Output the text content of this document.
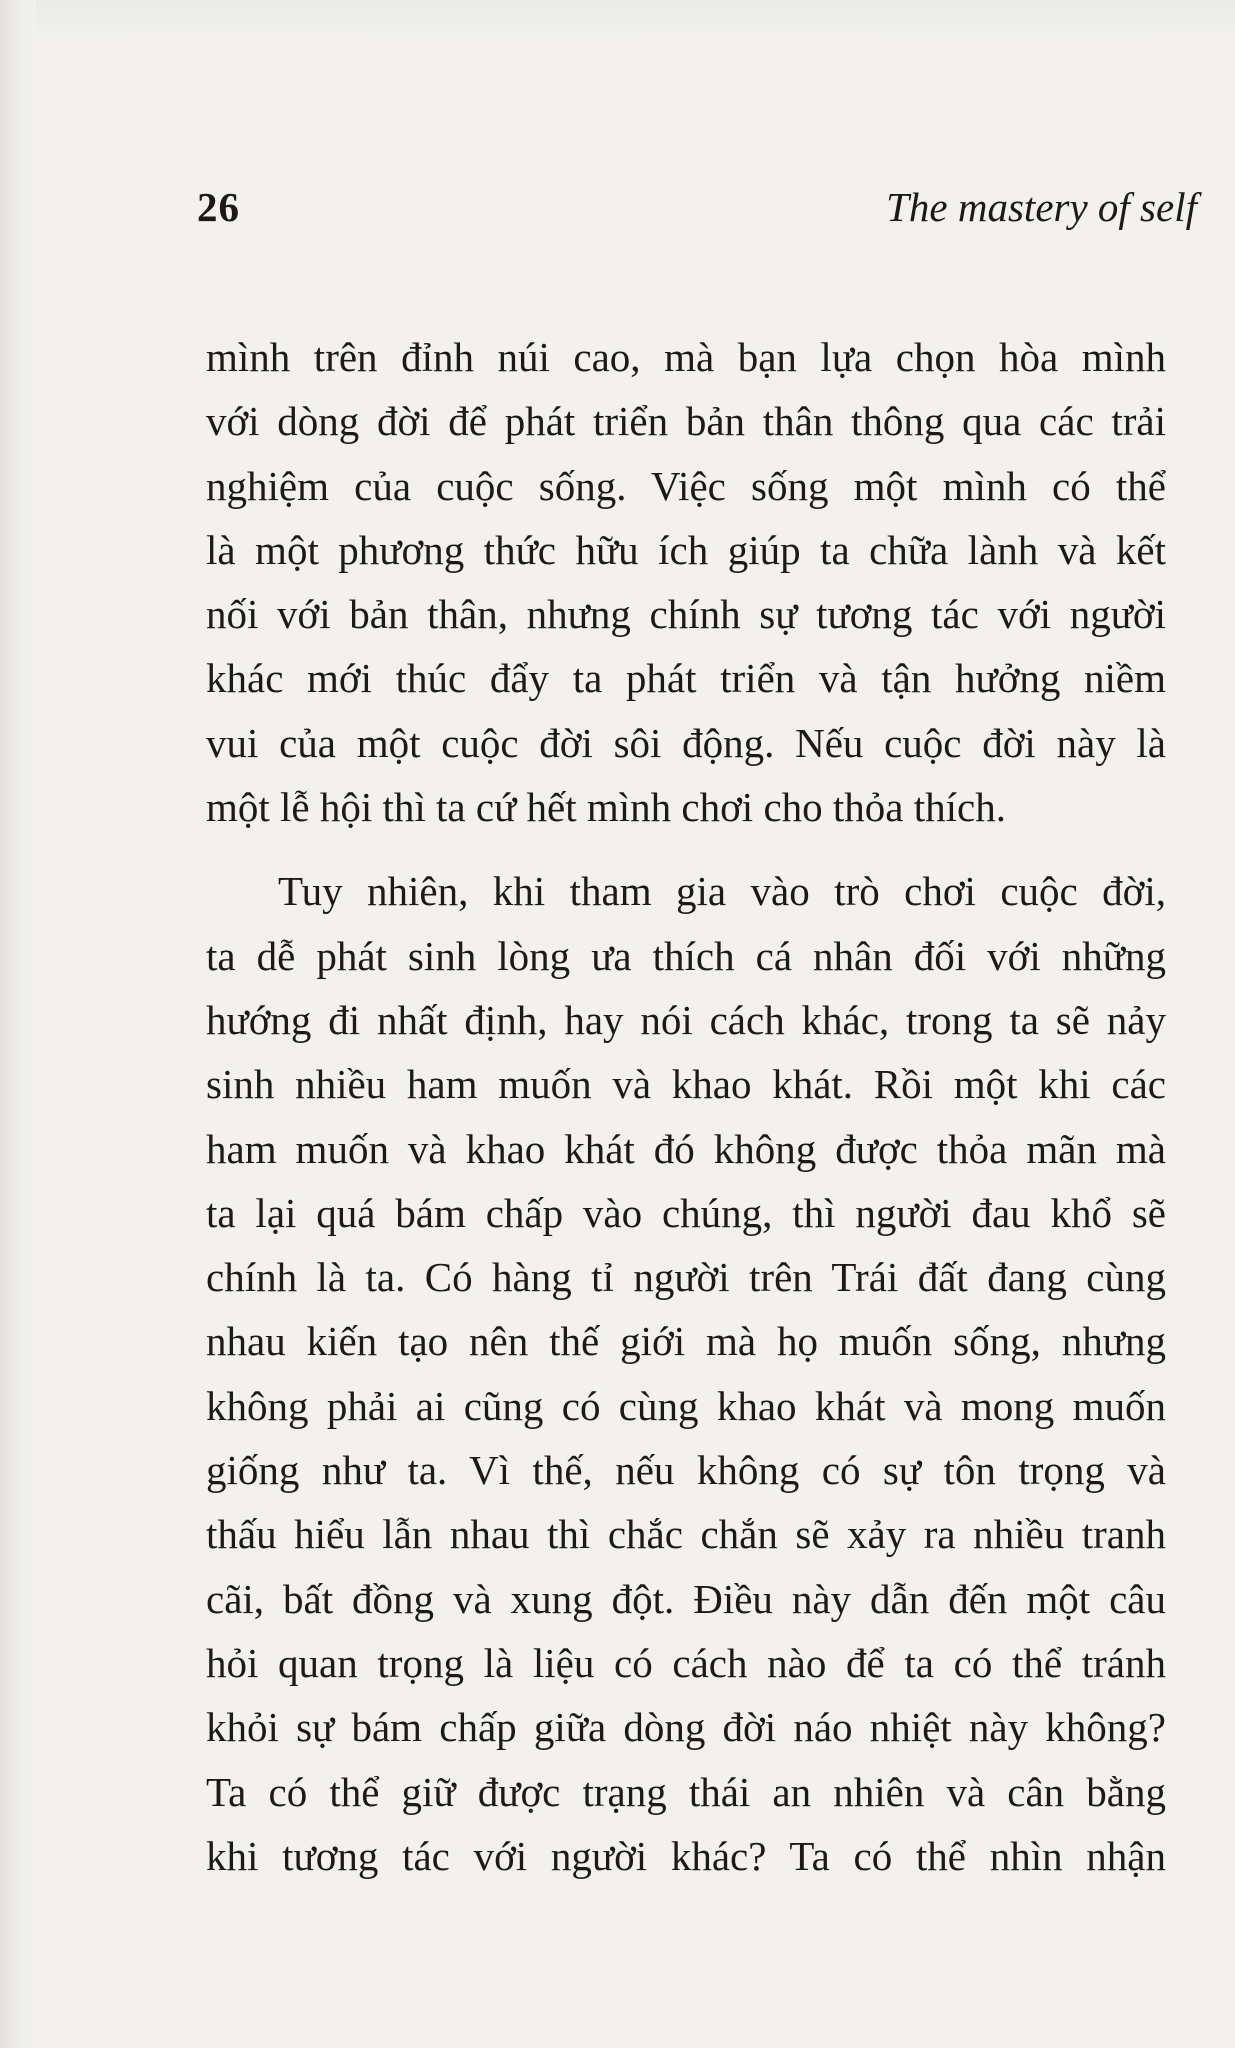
26	The mastery of self

mình trên đỉnh núi cao, mà bạn lựa chọn hòa mình
với dòng đời để phát triển bản thân thông qua các trải
nghiệm của cuộc sống. Việc sống một mình có thể
là một phương thức hữu ích giúp ta chữa lành và kết
nối với bản thân, nhưng chính sự tương tác với người
khác mới thúc đẩy ta phát triển và tận hưởng niềm
vui của một cuộc đời sôi động. Nếu cuộc đời này là
một lễ hội thì ta cứ hết mình chơi cho thỏa thích.

Tuy nhiên, khi tham gia vào trò chơi cuộc đời,
ta dễ phát sinh lòng ưa thích cá nhân đối với những
hướng đi nhất định, hay nói cách khác, trong ta sẽ nảy
sinh nhiều ham muốn và khao khát. Rồi một khi các
ham muốn và khao khát đó không được thỏa mãn mà
ta lại quá bám chấp vào chúng, thì người đau khổ sẽ
chính là ta. Có hàng tỉ người trên Trái đất đang cùng
nhau kiến tạo nên thế giới mà họ muốn sống, nhưng
không phải ai cũng có cùng khao khát và mong muốn
giống như ta. Vì thế, nếu không có sự tôn trọng và
thấu hiểu lẫn nhau thì chắc chắn sẽ xảy ra nhiều tranh
cãi, bất đồng và xung đột. Điều này dẫn đến một câu
hỏi quan trọng là liệu có cách nào để ta có thể tránh
khỏi sự bám chấp giữa dòng đời náo nhiệt này không?
Ta có thể giữ được trạng thái an nhiên và cân bằng
khi tương tác với người khác? Ta có thể nhìn nhận
